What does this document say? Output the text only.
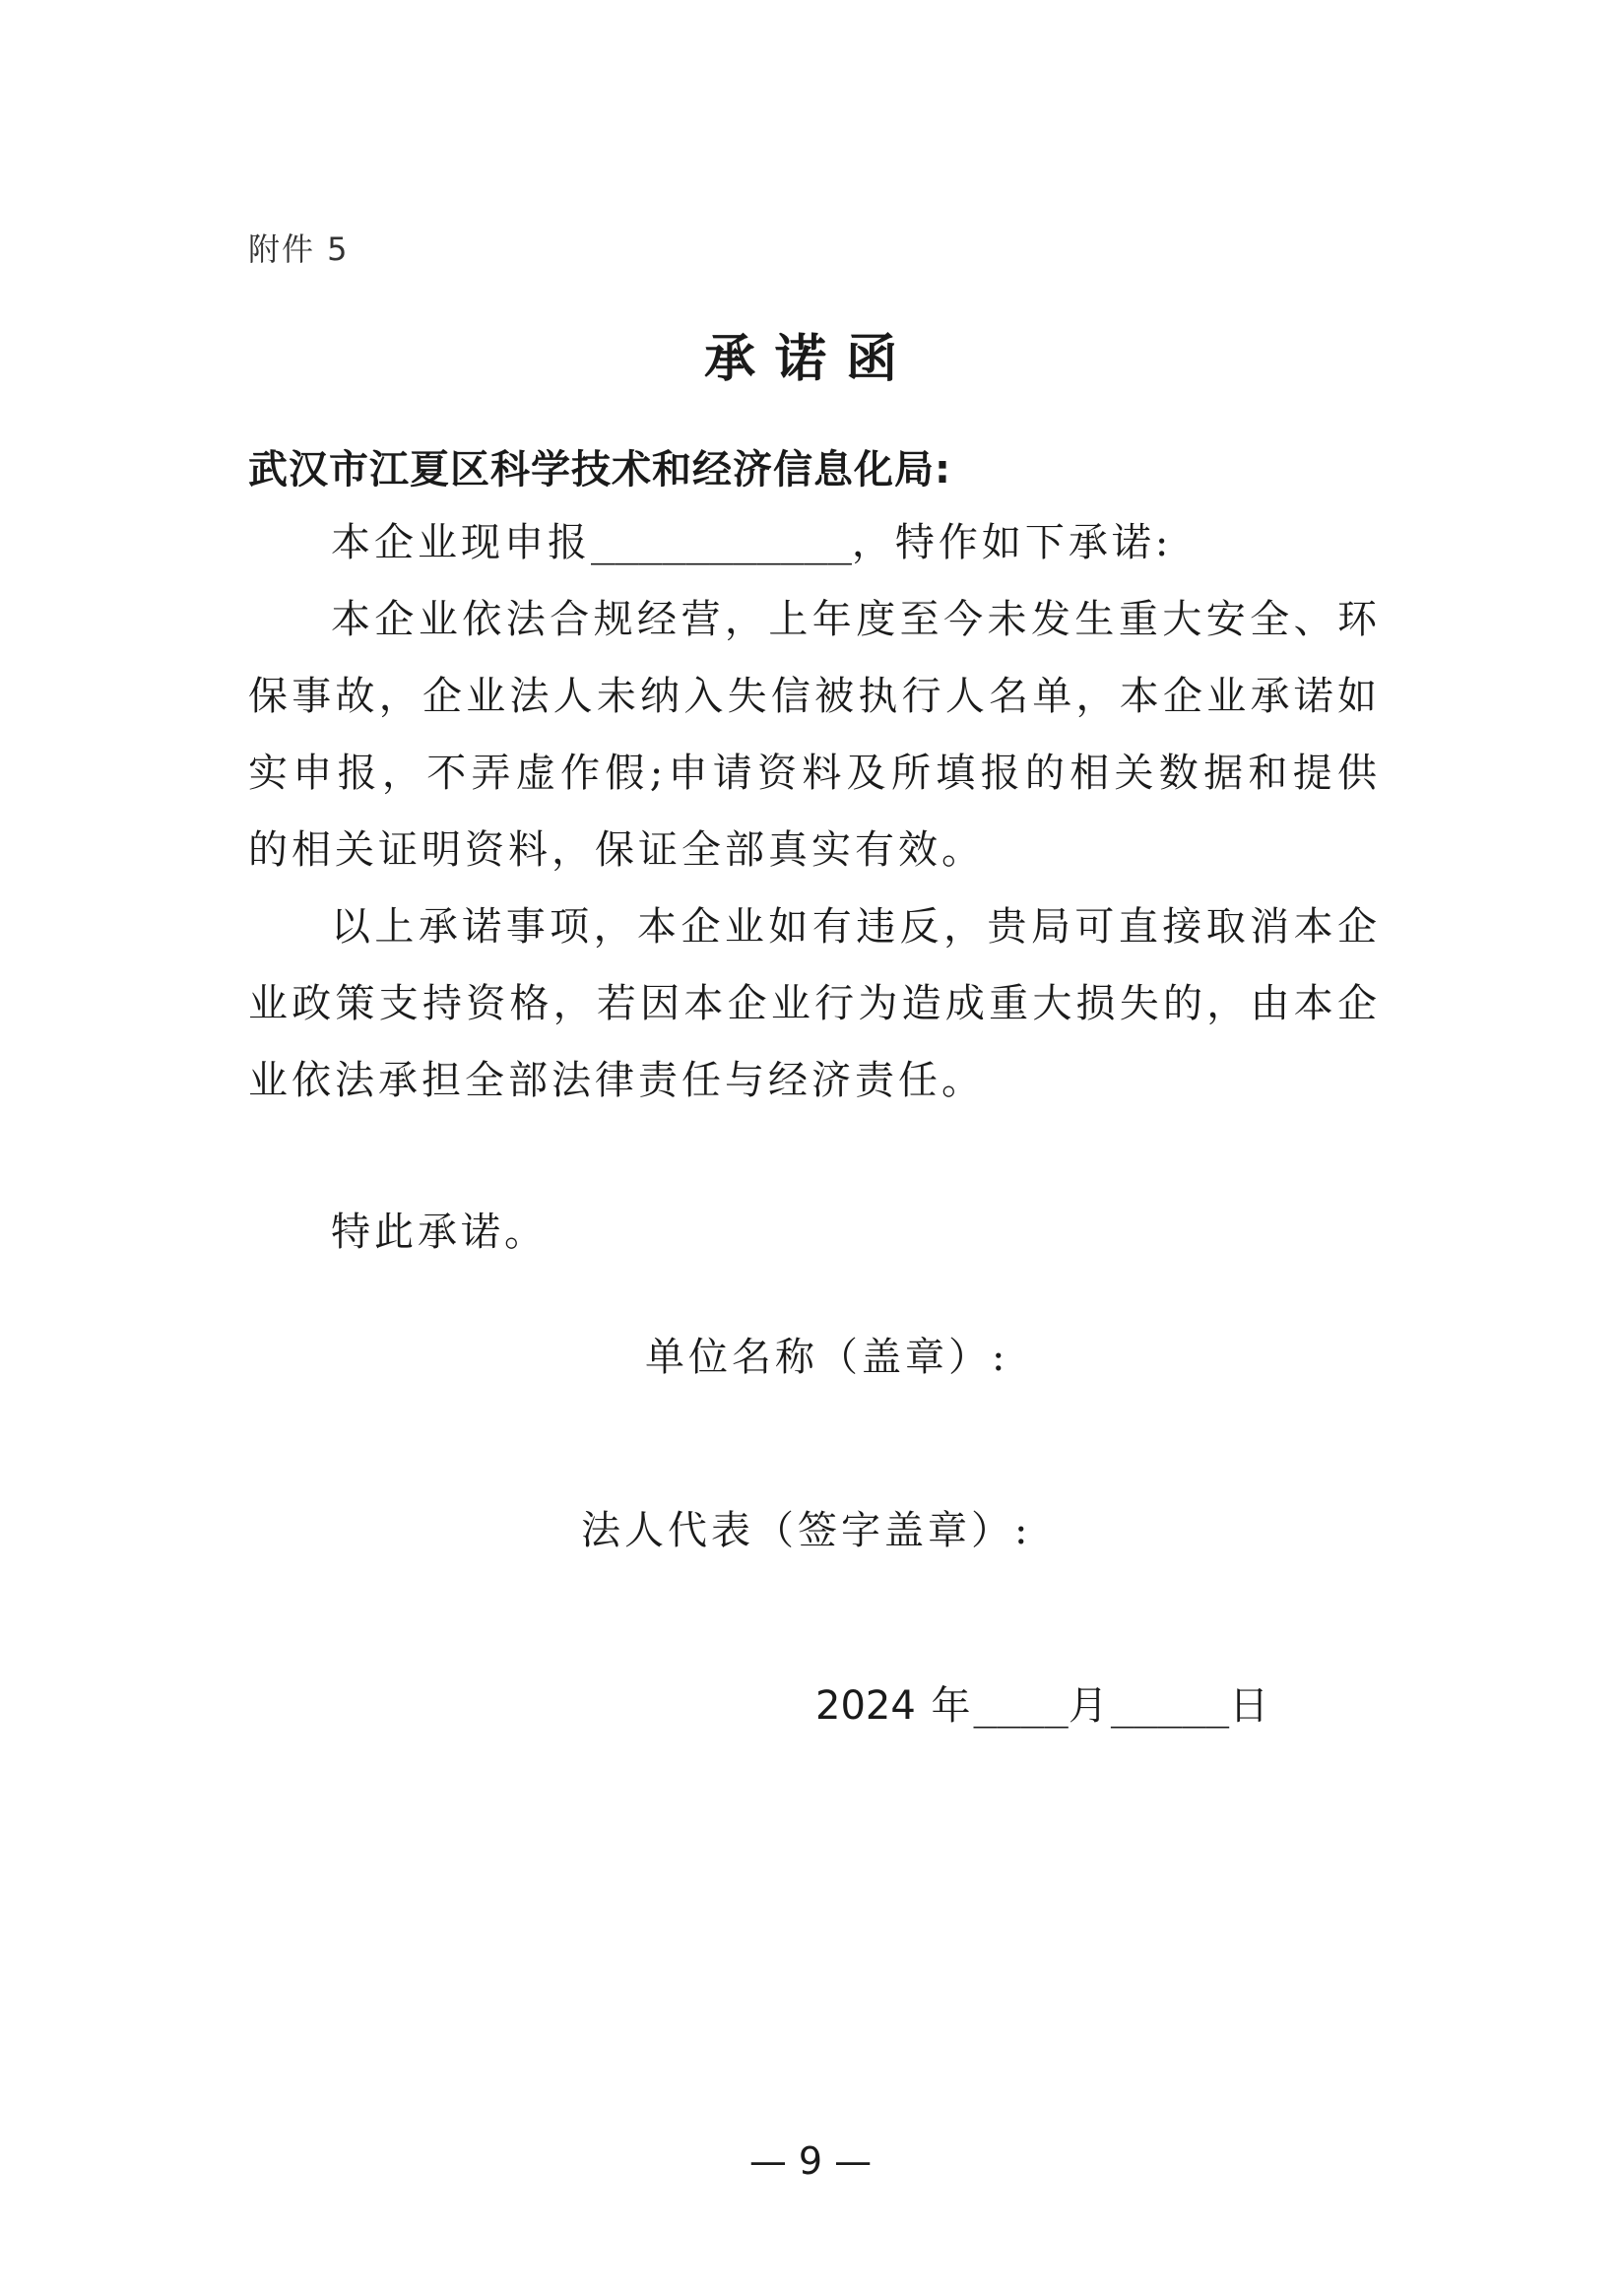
附件 5
承诺函
武汉市江夏区科学技术和经济信息化局:
本企业现申报___________，特作如下承诺:
本企业依法合规经营，上年度至今未发生重大安全、环保事故，企业法人未纳入失信被执行人名单，本企业承诺如实申报，不弄虚作假;申请资料及所填报的相关数据和提供的相关证明资料，保证全部真实有效。
以上承诺事项，本企业如有违反，贵局可直接取消本企业政策支持资格，若因本企业行为造成重大损失的，由本企业依法承担全部法律责任与经济责任。
特此承诺。
单位名称（盖章）:
法人代表（签字盖章）:
2024 年____月_____日
— 9 —
